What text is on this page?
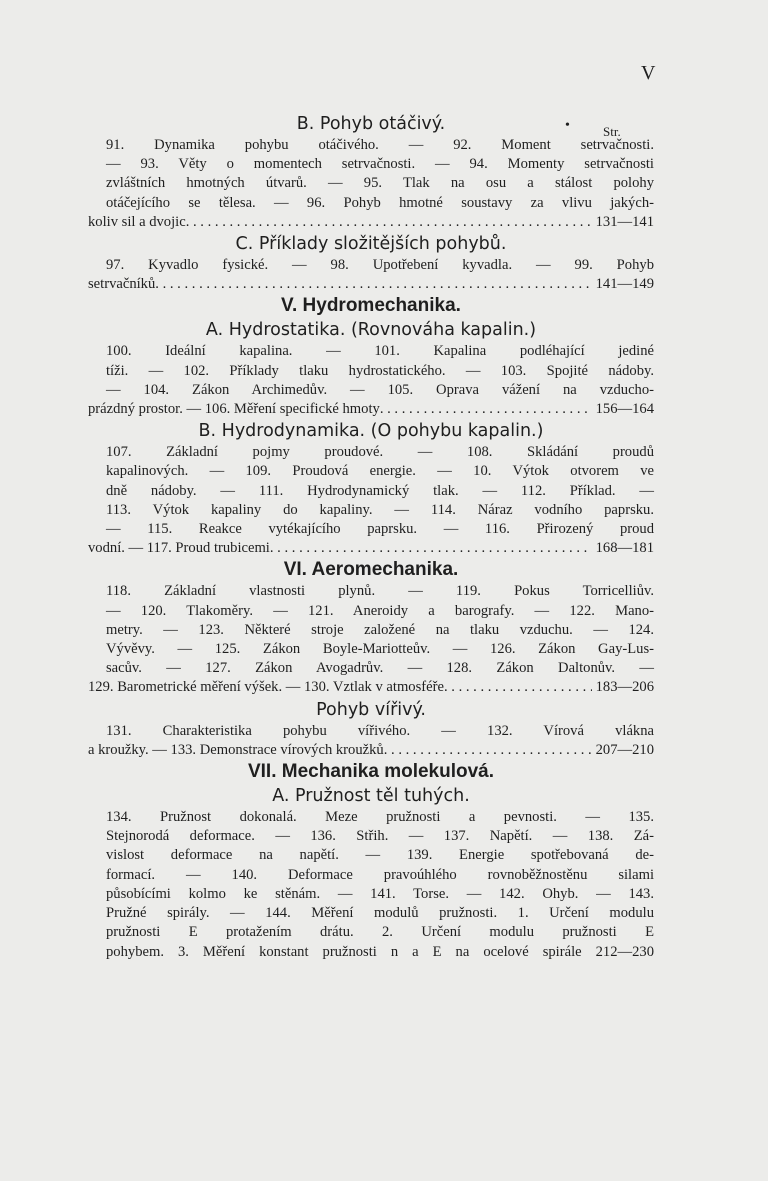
V
•	Str.
B. Pohyb otáčivý.
91. Dynamika pohybu otáčivého. — 92. Moment setrvačnosti.
— 93. Věty o momentech setrvačnosti. — 94. Momenty setrvačnosti
zvláštních hmotných útvarů. — 95. Tlak na osu a stálost polohy
otáčejícího se tělesa. — 96. Pohyb hmotné soustavy za vlivu jakých-
koliv sil a dvojic . . .	131—141
C. Příklady složitějších pohybů.
97. Kyvadlo fysické. — 98. Upotřebení kyvadla. — 99. Pohyb
setrvačníků . . .	141—149
V. Hydromechanika.
A. Hydrostatika. (Rovnováha kapalin.)
100. Ideální kapalina. — 101. Kapalina podléhající jediné
tíži. — 102. Příklady tlaku hydrostatického. — 103. Spojité nádoby.
— 104. Zákon Archimedův. — 105. Oprava vážení na vzducho-
prázdný prostor. — 106. Měření specifické hmoty . . .	156—164
B. Hydrodynamika. (O pohybu kapalin.)
107. Základní pojmy proudové. — 108. Skládání proudů
kapalinových. — 109. Proudová energie. — 10. Výtok otvorem ve
dně nádoby. — 111. Hydrodynamický tlak. — 112. Příklad. —
113. Výtok kapaliny do kapaliny. — 114. Náraz vodního paprsku.
— 115. Reakce vytékajícího paprsku. — 116. Přirozený proud
vodní. — 117. Proud trubicemi . . .	168—181
VI. Aeromechanika.
118. Základní vlastnosti plynů. — 119. Pokus Torricelliův.
— 120. Tlakoměry. — 121. Aneroidy a barografy. — 122. Mano-
metry. — 123. Některé stroje založené na tlaku vzduchu. — 124.
Vývěvy. — 125. Zákon Boyle-Mariotteův. — 126. Zákon Gay-Lus-
sacův. — 127. Zákon Avogadrův. — 128. Zákon Daltonův. —
129. Barometrické měření výšek. — 130. Vztlak v atmosféře . . .	183—206
Pohyb vířivý.
131. Charakteristika pohybu vířivého. — 132. Vírová vlákna
a kroužky. — 133. Demonstrace vírových kroužků . . .	207—210
VII. Mechanika molekulová.
A. Pružnost těl tuhých.
134. Pružnost dokonalá. Meze pružnosti a pevnosti. — 135.
Stejnorodá deformace. — 136. Střih. — 137. Napětí. — 138. Zá-
vislost deformace na napětí. — 139. Energie spotřebovaná de-
formací. — 140. Deformace pravoúhlého rovnoběžnostěnu silami
působícími kolmo ke stěnám. — 141. Torse. — 142. Ohyb. — 143.
Pružné spirály. — 144. Měření modulů pružnosti. 1. Určení modulu
pružnosti E protažením drátu. 2. Určení modulu pružnosti E
pohybem. 3. Měření konstant pružnosti n a E na ocelové spirále 212—230
